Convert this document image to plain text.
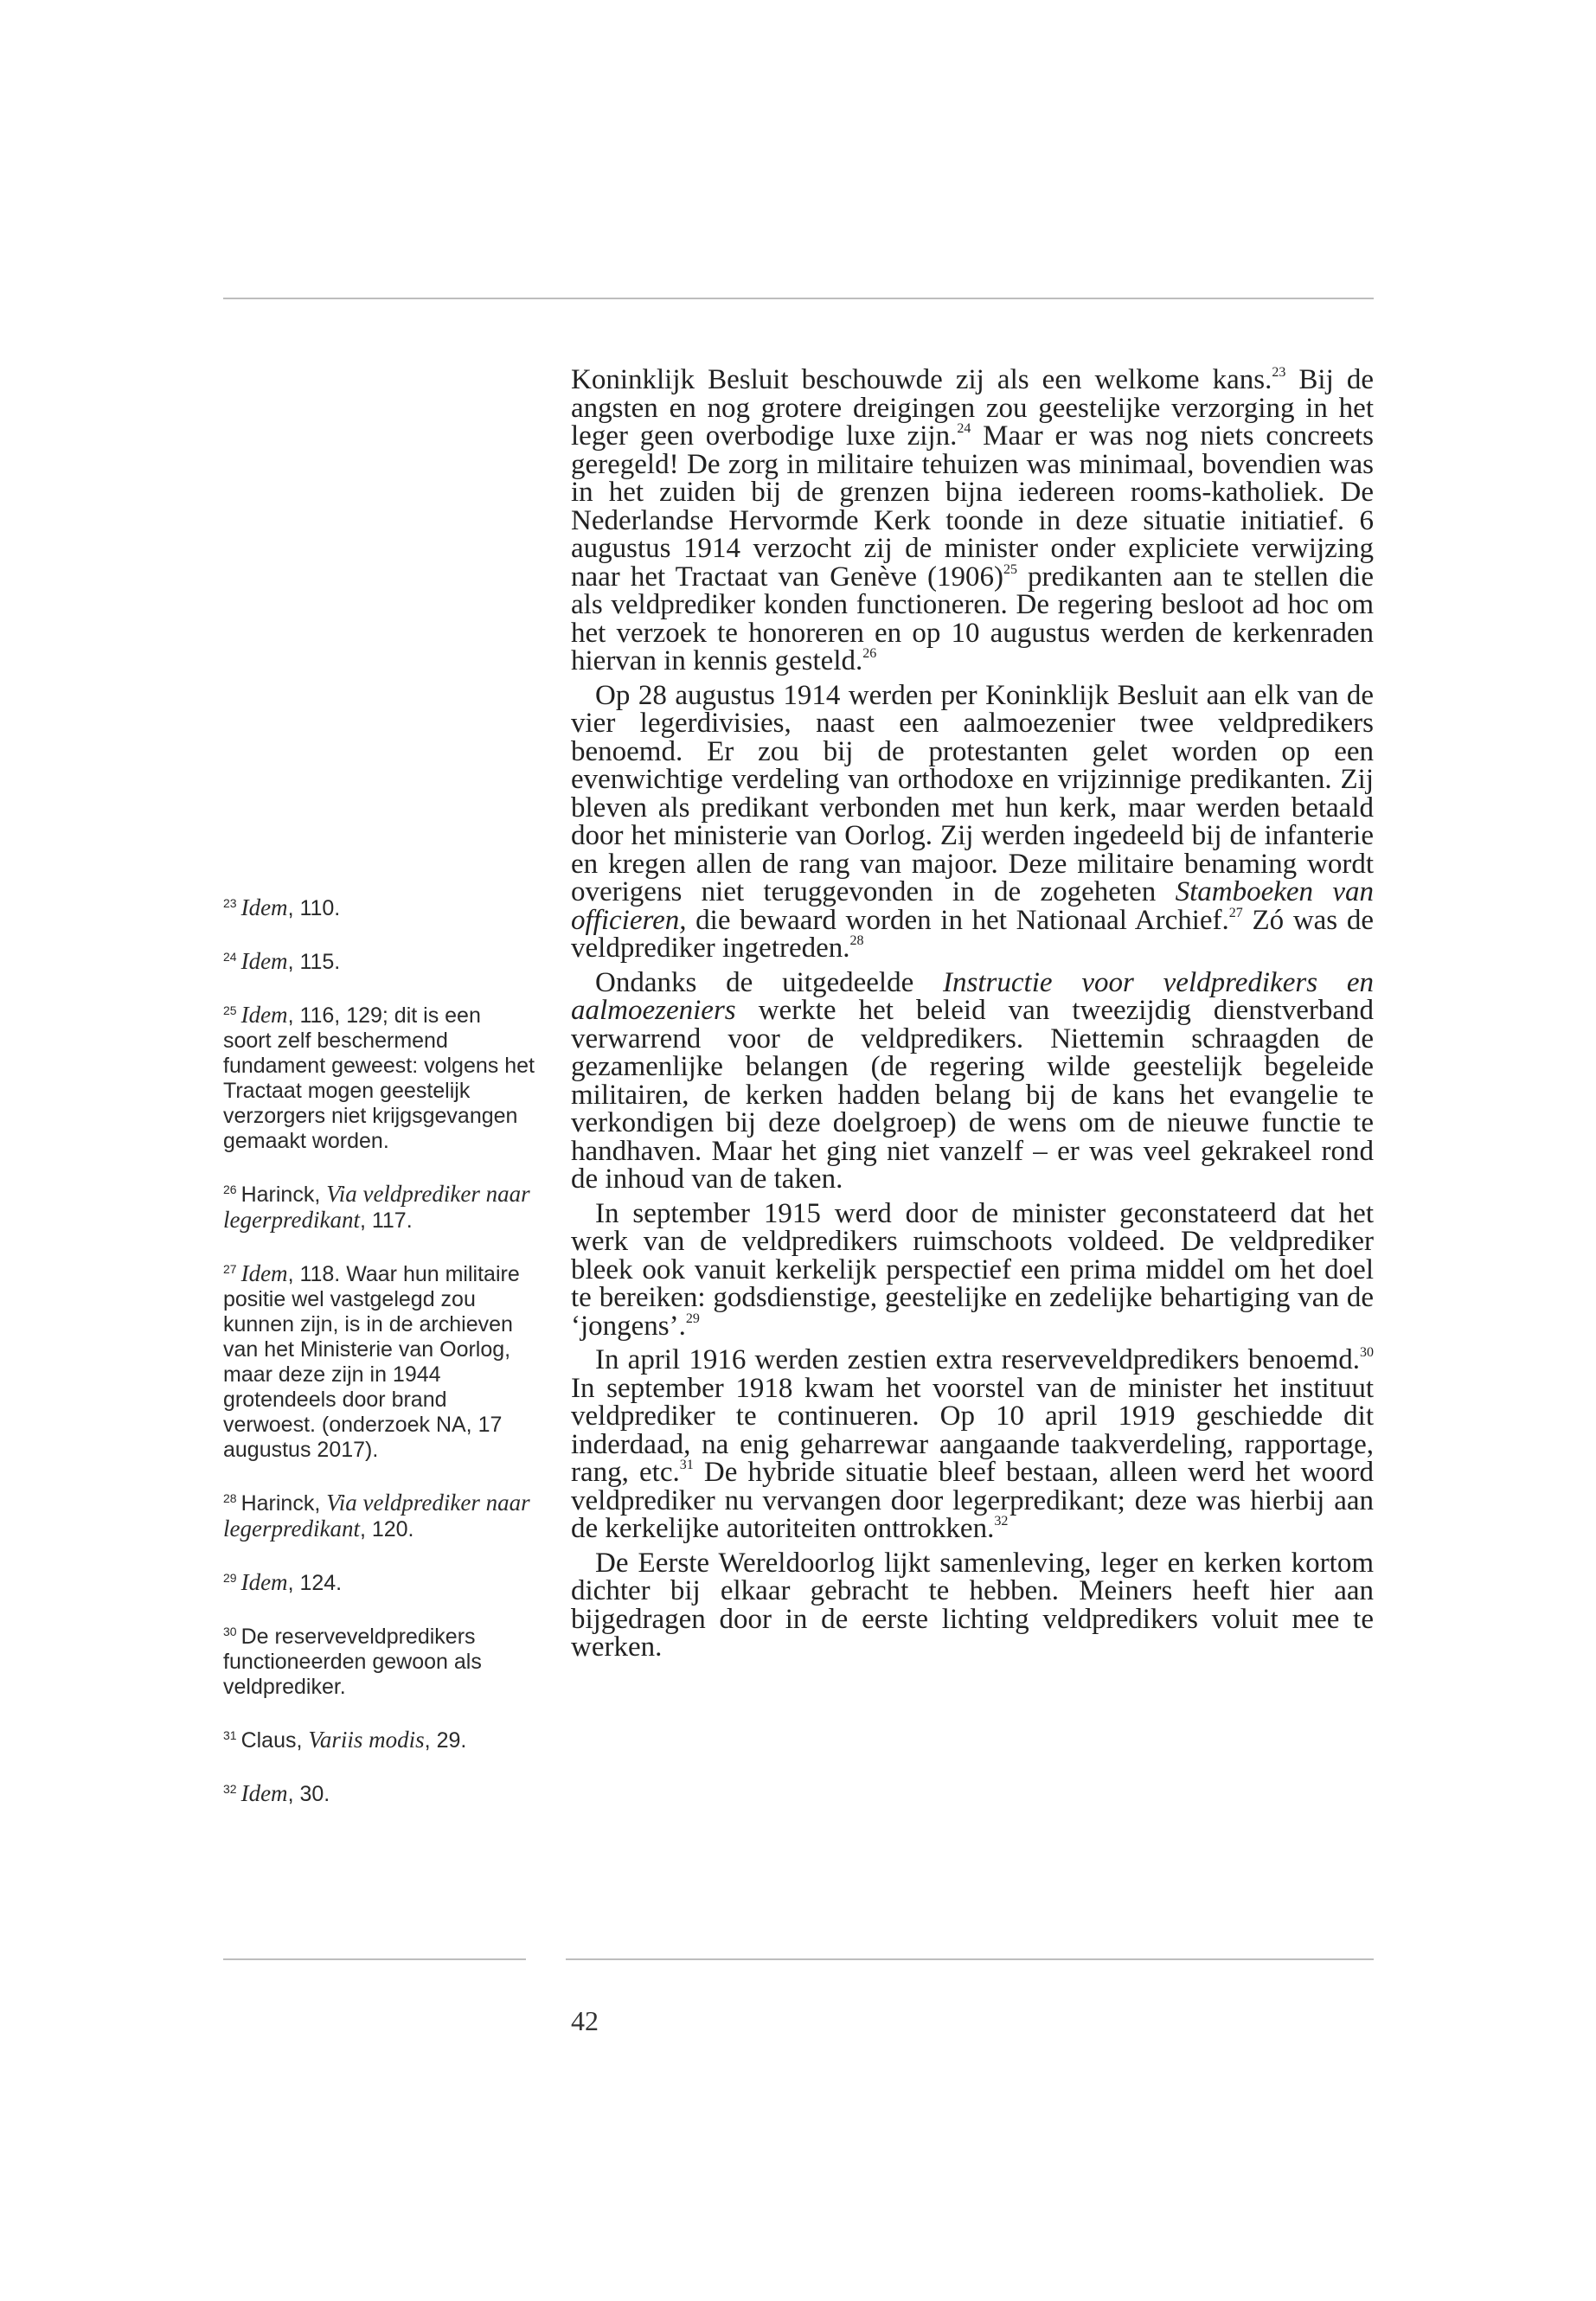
$^{23}$ Idem, 110.

$^{24}$ Idem, 115.

$^{25}$ Idem, 116, 129; dit is een soort zelf beschermend fundament geweest: volgens het Tractaat mogen geestelijk verzorgers niet krijgsgevangen gemaakt worden.

$^{26}$ Harinck, Via veldprediker naar legerpredikant, 117.

$^{27}$ Idem, 118. Waar hun militaire positie wel vastgelegd zou kunnen zijn, is in de archieven van het Ministerie van Oorlog, maar deze zijn in 1944 grotendeels door brand verwoest. (onderzoek NA, 17 augustus 2017).

$^{28}$ Harinck, Via veldprediker naar legerpredikant, 120.

$^{29}$ Idem, 124.

$^{30}$ De reserveveldpredikers functioneerden gewoon als veldprediker.

$^{31}$ Claus, Variis modis, 29.

$^{32}$ Idem, 30.

Koninklijk Besluit beschouwde zij als een welkome kans.$^{23}$ Bij de angsten en nog grotere dreigingen zou geestelijke verzorging in het leger geen overbodige luxe zijn.$^{24}$ Maar er was nog niets concreets geregeld! De zorg in militaire tehuizen was minimaal, bovendien was in het zuiden bij de grenzen bijna iedereen rooms-katholiek. De Nederlandse Hervormde Kerk toonde in deze situatie initiatief. 6 augustus 1914 verzocht zij de minister onder expliciete verwijzing naar het Tractaat van Genève $(1906)^{25}$ predikanten aan te stellen die als veldprediker konden functioneren. De regering besloot ad hoc om het verzoek te honoreren en op 10 augustus werden de kerkenraden hiervan in kennis gesteld.$^{26}$

Op 28 augustus 1914 werden per Koninklijk Besluit aan elk van de vier legerdivisies, naast een aalmoezenier twee veldpredikers benoemd. Er zou bij de protestanten gelet worden op een evenwichtige verdeling van orthodoxe en vrijzinnige predikanten. Zij bleven als predikant verbonden met hun kerk, maar werden betaald door het ministerie van Oorlog. Zij werden ingedeeld bij de infanterie en kregen allen de rang van majoor. Deze militaire benaming wordt overigens niet teruggevonden in de zogeheten Stamboeken van officieren, die bewaard worden in het Nationaal Archief.$^{27}$ Zó was de veldprediker ingetreden.$^{28}$

Ondanks de uitgedeelde Instructie voor veldpredikers en aalmoezeniers werkte het beleid van tweezijdig dienstverband verwarrend voor de veldpredikers. Niettemin schraagden de gezamenlijke belangen (de regering wilde geestelijk begeleide militairen, de kerken hadden belang bij de kans het evangelie te verkondigen bij deze doelgroep) de wens om de nieuwe functie te handhaven. Maar het ging niet vanzelf – er was veel gekrakeel rond de inhoud van de taken.

In september 1915 werd door de minister geconstateerd dat het werk van de veldpredikers ruimschoots voldeed. De veldprediker bleek ook vanuit kerkelijk perspectief een prima middel om het doel te bereiken: godsdienstige, geestelijke en zedelijke behartiging van de ‘jongens’.$^{29}$

In april 1916 werden zestien extra reserveveldpredikers benoemd.$^{30}$ In september 1918 kwam het voorstel van de minister het instituut veldprediker te continueren. Op 10 april 1919 geschiedde dit inderdaad, na enig geharrewar aangaande taakverdeling, rapportage, rang, etc.$^{31}$ De hybride situatie bleef bestaan, alleen werd het woord veldprediker nu vervangen door legerpredikant; deze was hierbij aan de kerkelijke autoriteiten onttrokken.$^{32}$

De Eerste Wereldoorlog lijkt samenleving, leger en kerken kortom dichter bij elkaar gebracht te hebben. Meiners heeft hier aan bijgedragen door in de eerste lichting veldpredikers voluit mee te werken.

42
